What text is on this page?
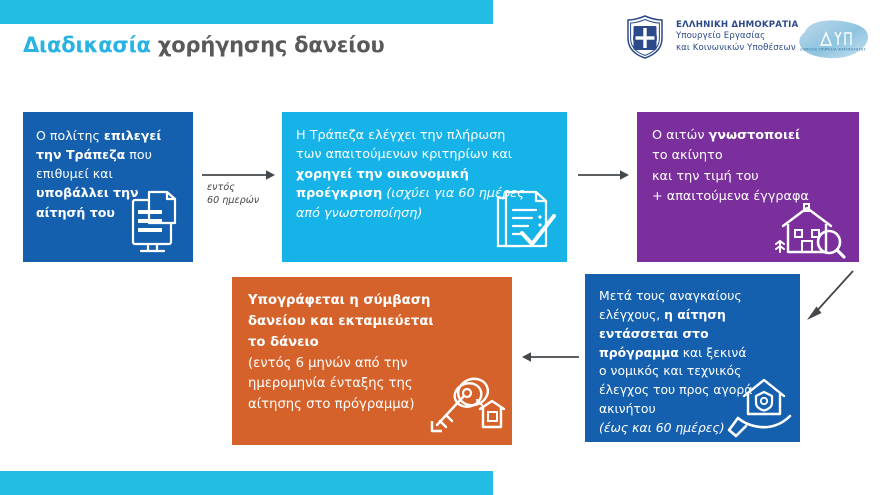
Διαδικασία χορήγησης δανείου
ΕΛΛΗΝΙΚΗ ΔΗΜΟΚΡΑΤΙΑ
Υπουργείο Εργασίας
και Κοινωνικών Υποθέσεων	ΔΗΜΟΣΙΑ ΥΠΗΡΕΣΙΑ ΑΠΑΣΧΟΛΗΣΗΣ
Ο πολίτης επιλεγεί
την Τράπεζα που
επιθυμεί και
υποβάλλει την
αίτησή του
Η Τράπεζα ελέγχει την πλήρωση
των απαιτούμενων κριτηρίων και
χορηγεί την οικονομική
προέγκριση (ισχύει για 60 ημέρες
από γνωστοποίηση)
Ο αιτών γνωστοποιεί
το ακίνητο
και την τιμή του
+ απαιτούμενα έγγραφα
Μετά τους αναγκαίους
ελέγχους, η αίτηση
εντάσσεται στο
πρόγραμμα και ξεκινά
ο νομικός και τεχνικός
έλεγχος του προς αγορά
ακινήτου
(έως και 60 ημέρες)
Υπογράφεται η σύμβαση
δανείου και εκταμιεύεται
το δάνειο
(εντός 6 μηνών από την
ημερομηνία ένταξης της
αίτησης στο πρόγραμμα)
εντός
60 ημερών
